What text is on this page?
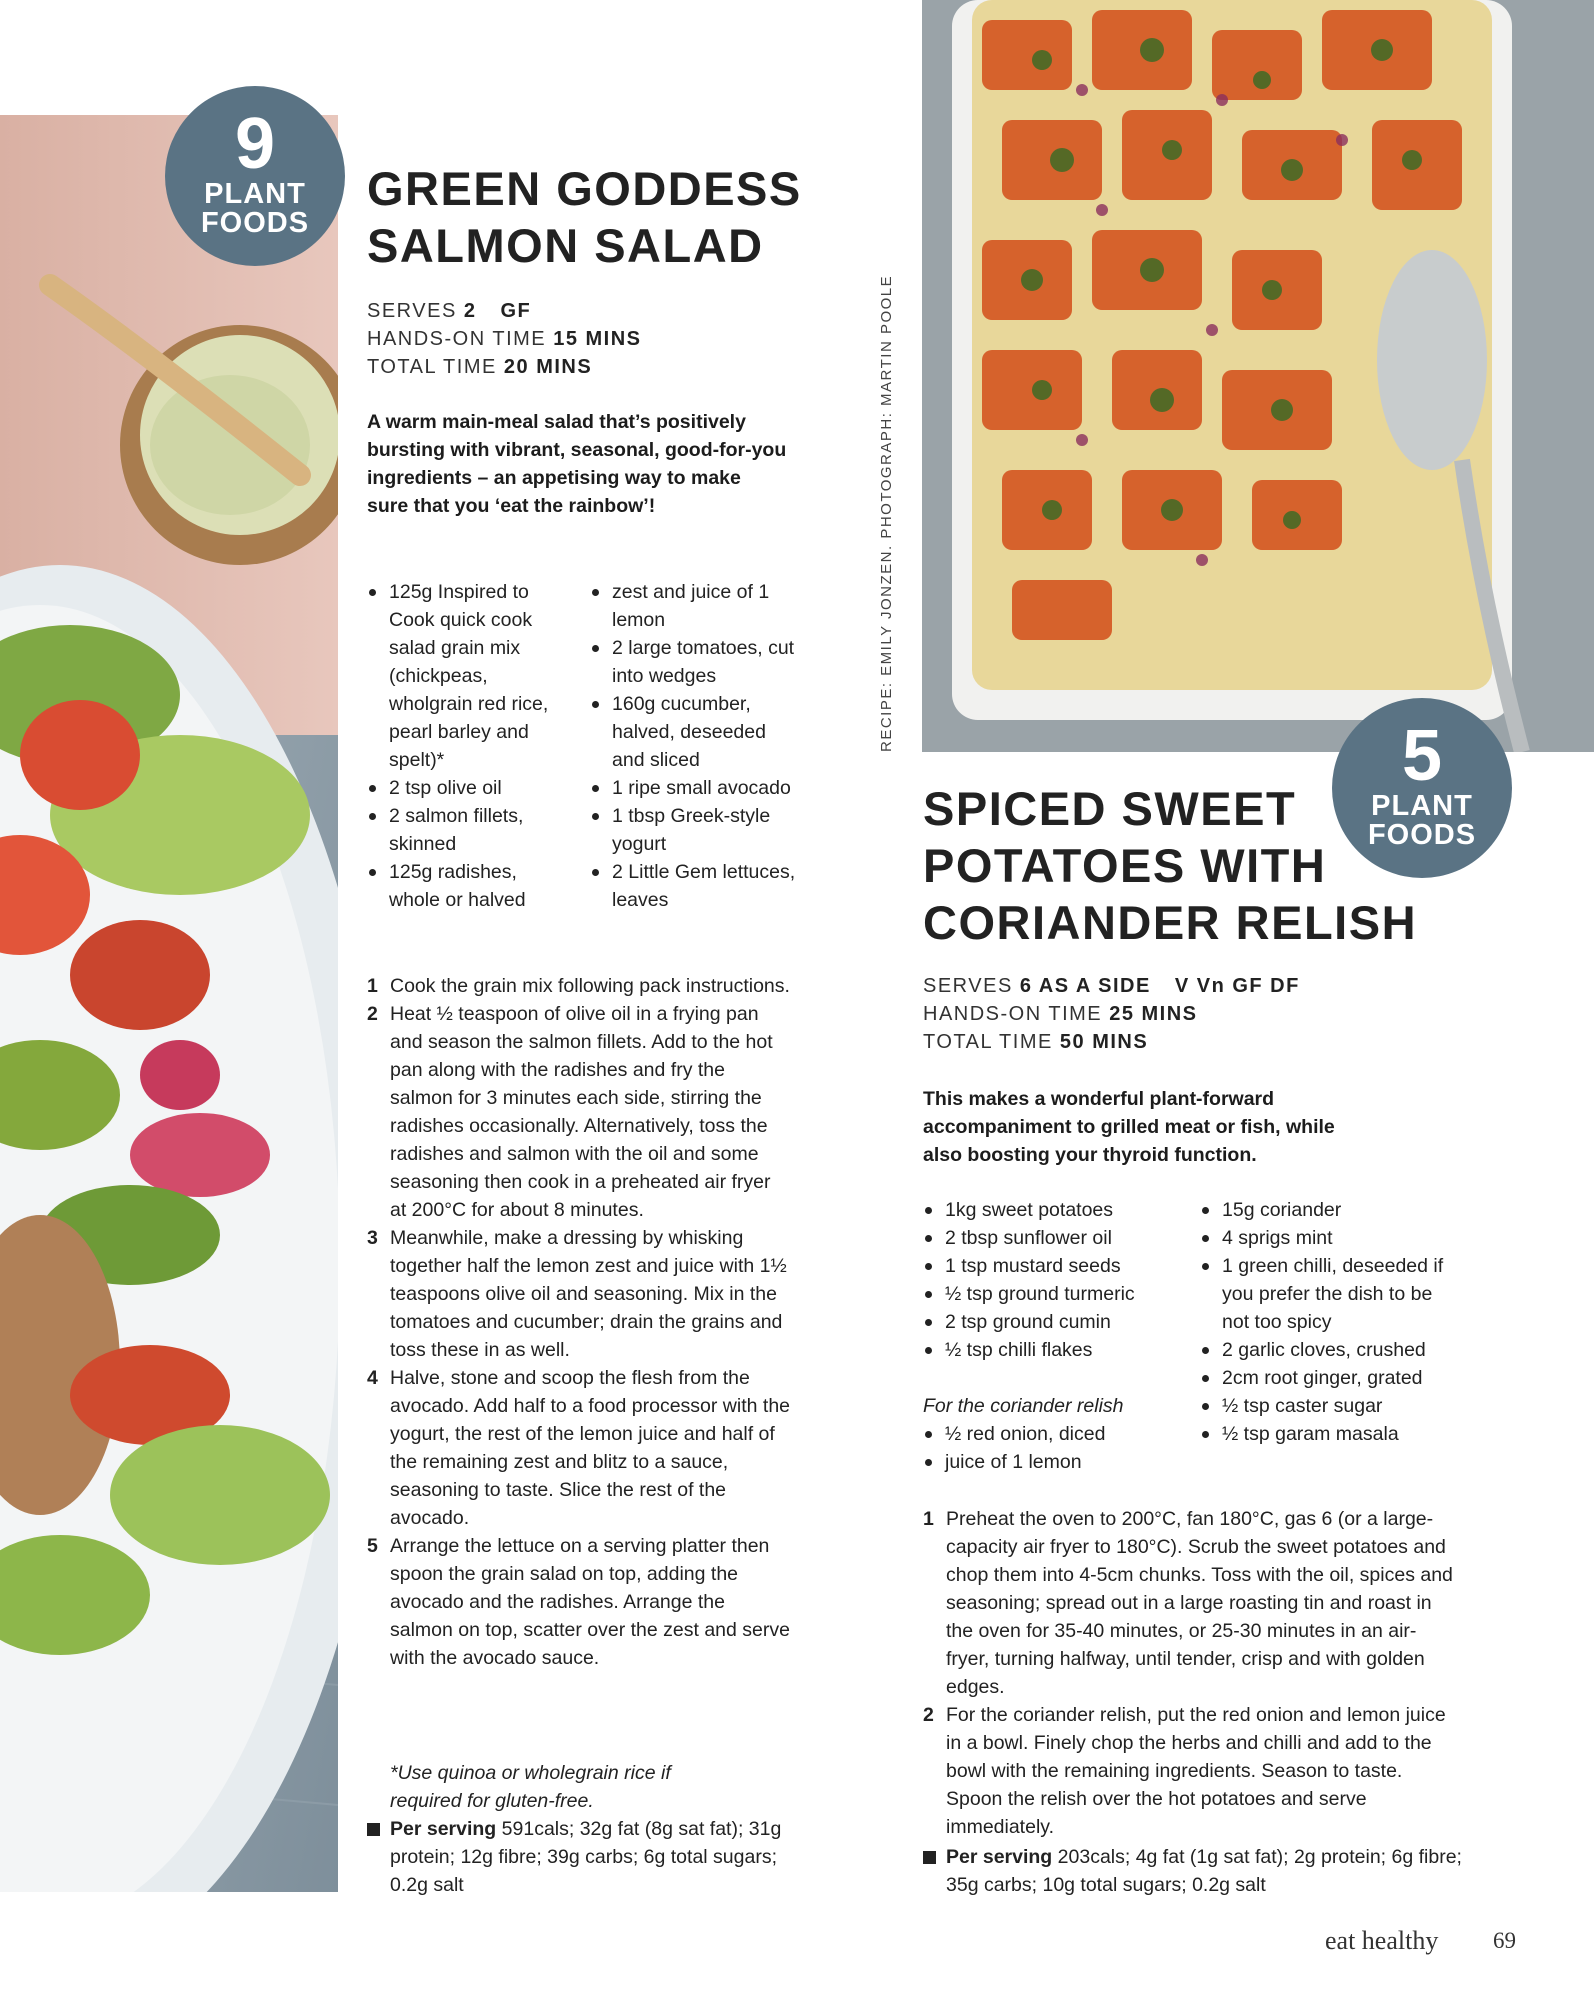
9
PLANT FOODS
GREEN GODDESS
SALMON SALAD
SERVES 2 GF
HANDS-ON TIME 15 MINS
TOTAL TIME 20 MINS

A warm main-meal salad that’s positively bursting with vibrant, seasonal, good-for-you ingredients – an appetising way to make sure that you ‘eat the rainbow’!

125g Inspired to Cook quick cook salad grain mix (chickpeas, wholgrain red rice, pearl barley and spelt)*
2 tsp olive oil
2 salmon fillets, skinned
125g radishes, whole or halved
zest and juice of 1 lemon
2 large tomatoes, cut into wedges
160g cucumber, halved, deseeded and sliced
1 ripe small avocado
1 tbsp Greek-style yogurt
2 Little Gem lettuces, leaves
1 Cook the grain mix following pack instructions.
2 Heat ½ teaspoon of olive oil in a frying pan and season the salmon fillets. Add to the hot pan along with the radishes and fry the salmon for 3 minutes each side, stirring the radishes occasionally. Alternatively, toss the radishes and salmon with the oil and some seasoning then cook in a preheated air fryer at 200°C for about 8 minutes.
3 Meanwhile, make a dressing by whisking together half the lemon zest and juice with 1½ teaspoons olive oil and seasoning. Mix in the tomatoes and cucumber; drain the grains and toss these in as well.
4 Halve, stone and scoop the flesh from the avocado. Add half to a food processor with the yogurt, the rest of the lemon juice and half of the remaining zest and blitz to a sauce, seasoning to taste. Slice the rest of the avocado.
5 Arrange the lettuce on a serving platter then spoon the grain salad on top, adding the avocado and the radishes. Arrange the salmon on top, scatter over the zest and serve with the avocado sauce.
*Use quinoa or wholegrain rice if required for gluten-free.
Per serving 591cals; 32g fat (8g sat fat); 31g protein; 12g fibre; 39g carbs; 6g total sugars; 0.2g salt
RECIPE: EMILY JONZEN. PHOTOGRAPH: MARTIN POOLE
5
PLANT FOODS
SPICED SWEET
POTATOES WITH
CORIANDER RELISH
SERVES 6 AS A SIDE V Vn GF DF
HANDS-ON TIME 25 MINS
TOTAL TIME 50 MINS

This makes a wonderful plant-forward accompaniment to grilled meat or fish, while also boosting your thyroid function.

1kg sweet potatoes
2 tbsp sunflower oil
1 tsp mustard seeds
½ tsp ground turmeric
2 tsp ground cumin
½ tsp chilli flakes
For the coriander relish
½ red onion, diced
juice of 1 lemon
15g coriander
4 sprigs mint
1 green chilli, deseeded if you prefer the dish to be not too spicy
2 garlic cloves, crushed
2cm root ginger, grated
½ tsp caster sugar
½ tsp garam masala
1 Preheat the oven to 200°C, fan 180°C, gas 6 (or a large-capacity air fryer to 180°C). Scrub the sweet potatoes and chop them into 4-5cm chunks. Toss with the oil, spices and seasoning; spread out in a large roasting tin and roast in the oven for 35-40 minutes, or 25-30 minutes in an air-fryer, turning halfway, until tender, crisp and with golden edges.
2 For the coriander relish, put the red onion and lemon juice in a bowl. Finely chop the herbs and chilli and add to the bowl with the remaining ingredients. Season to taste. Spoon the relish over the hot potatoes and serve immediately.
Per serving 203cals; 4g fat (1g sat fat); 2g protein; 6g fibre; 35g carbs; 10g total sugars; 0.2g salt
eat healthy 69
